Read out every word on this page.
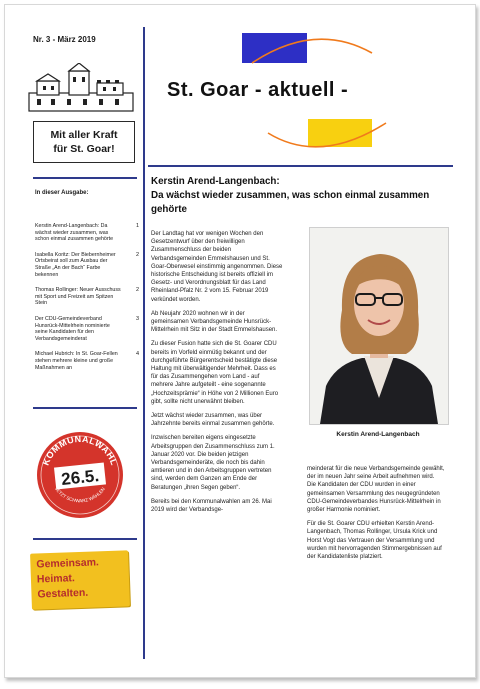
Nr. 3 - März 2019
Mit aller Kraft
für St. Goar!
In dieser Ausgabe:
Kerstin Arend-Langenbach: Da wächst wieder zusammen, was schon einmal zusammen gehörte
1
Isabella Koritz: Der Biebernheimer Ortsbeirat soll zum Ausbau der Straße „An der Bach“ Farbe bekennen
2
Thomas Rollinger: Neuer Ausschuss mit Sport und Freizeit am Spitzen Stein
2
Der CDU-Gemeindeverband Hunsrück-Mittelrhein nominierte seine Kandidaten für den Verbandsgemeinderat
3
Michael Hubrich: In St. Goar-Fellen stehen mehrere kleine und große Maßnahmen an
4
KOMMUNALWAHL
26.5.
JETZT SCHWARZ WÄHLEN
Gemeinsam.
Heimat.
Gestalten.
St. Goar - aktuell -
Kerstin Arend-Langenbach:
Da wächst wieder zusammen, was schon einmal zusammen gehörte

Der Landtag hat vor wenigen Wochen den Gesetzentwurf über den freiwilligen Zusammenschluss der beiden Verbandsgemeinden Emmelshausen und St. Goar-Oberwesel einstimmig angenommen. Diese historische Entscheidung ist bereits offiziell im Gesetz- und Verordnungsblatt für das Land Rheinland-Pfalz Nr. 2 vom 15. Februar 2019 verkündet worden.

Ab Neujahr 2020 wohnen wir in der gemeinsamen Verbandsgemeinde Hunsrück-Mittelrhein mit Sitz in der Stadt Emmelshausen.

Zu dieser Fusion hatte sich die St. Goarer CDU bereits im Vorfeld einmütig bekannt und der durchgeführte Bürgerentscheid bestätigte diese Haltung mit überwältigender Mehrheit. Dass es für das Zusammengehen vom Land - auf mehrere Jahre aufgeteilt - eine sogenannte „Hochzeitsprämie“ in Höhe von 2 Millionen Euro gibt, sollte nicht unerwähnt bleiben.

Jetzt wächst wieder zusammen, was über Jahrzehnte bereits einmal zusammen gehörte.

Inzwischen bereiten eigens eingesetzte Arbeitsgruppen den Zusammenschluss zum 1. Januar 2020 vor. Die beiden jetzigen Verbandsgemeinderäte, die noch bis dahin amtieren und in den Arbeitsgruppen vertreten sind, werden dem Ganzen am Ende der Beratungen „ihren Segen geben“.

Bereits bei den Kommunalwahlen am 26. Mai 2019 wird der Verbandsge-

Kerstin Arend-Langenbach

meinderat für die neue Verbandsgemeinde gewählt, der im neuen Jahr seine Arbeit aufnehmen wird. Die Kandidaten der CDU wurden in einer gemeinsamen Versammlung des neugegründeten CDU-Gemeindeverbandes Hunsrück-Mittelrhein in großer Harmonie nominiert.

Für die St. Goarer CDU erhielten Kerstin Arend-Langenbach, Thomas Rollinger, Ursula Krick und Horst Vogt das Vertrauen der Versammlung und wurden mit hervorragenden Stimmergebnissen auf der Kandidatenliste platziert.
